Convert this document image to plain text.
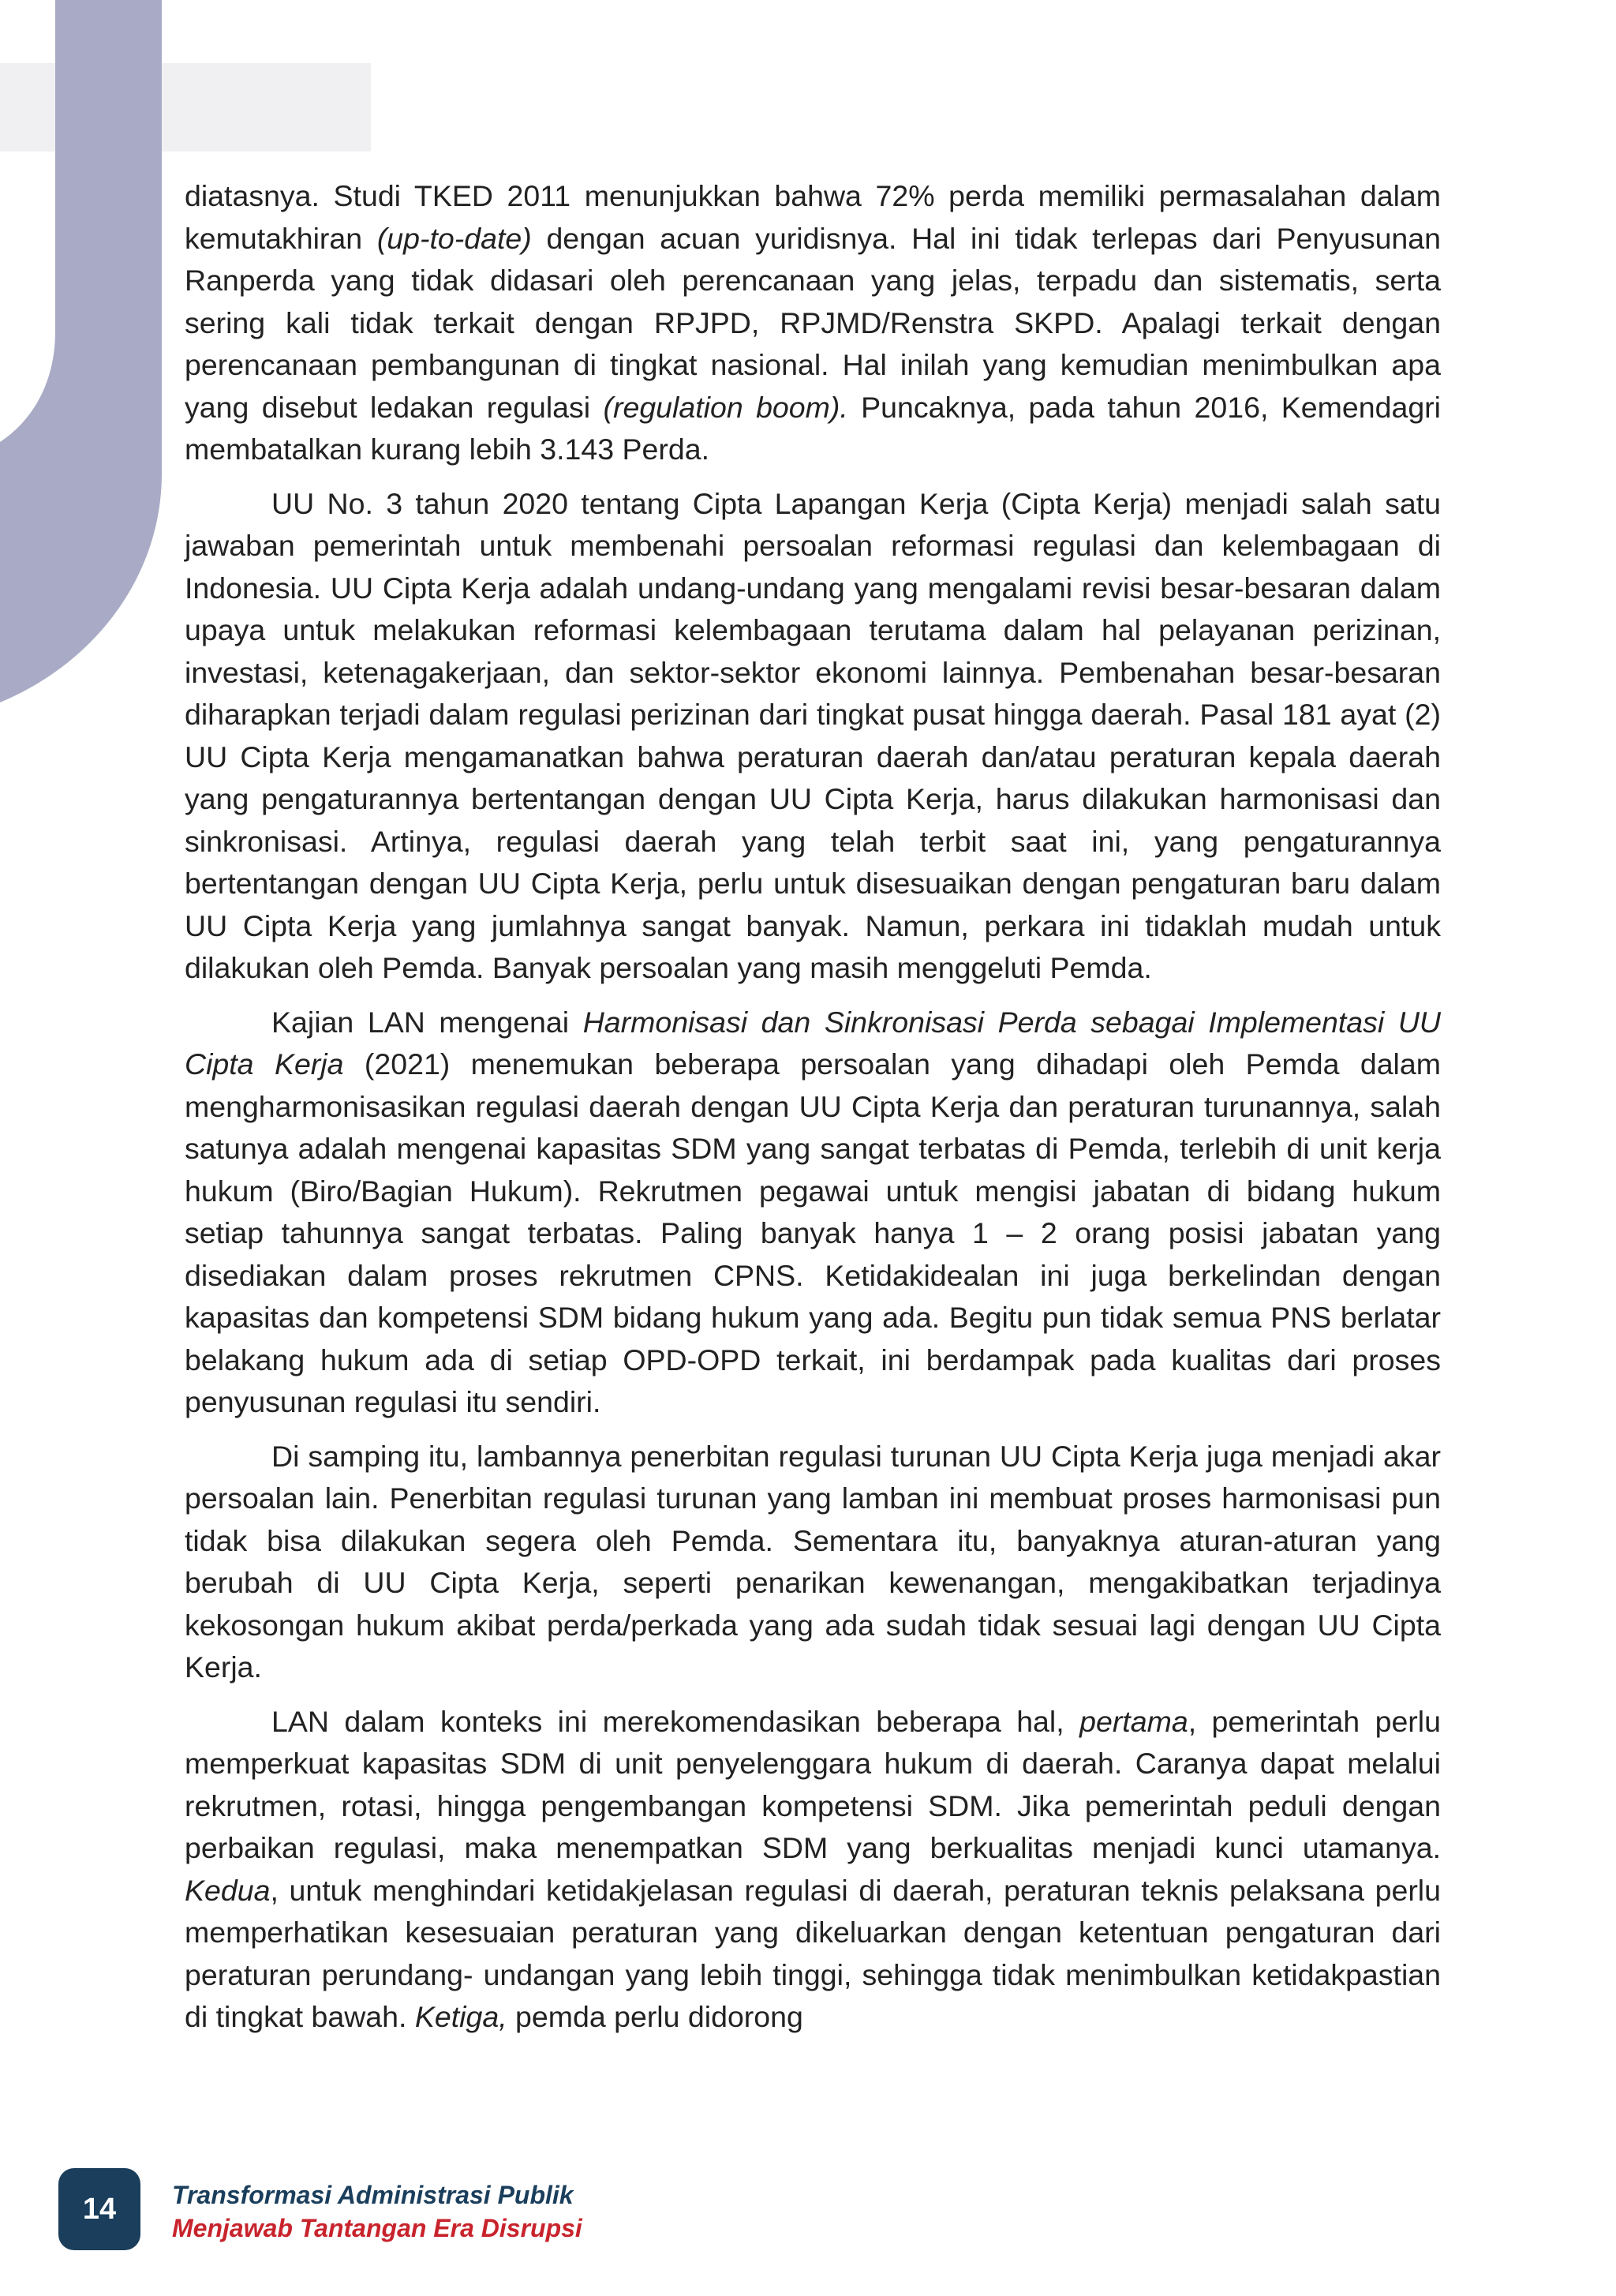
diatasnya. Studi TKED 2011 menunjukkan bahwa 72% perda memiliki permasalahan dalam kemutakhiran (up-to-date) dengan acuan yuridisnya. Hal ini tidak terlepas dari Penyusunan Ranperda yang tidak didasari oleh perencanaan yang jelas, terpadu dan sistematis, serta sering kali tidak terkait dengan RPJPD, RPJMD/Renstra SKPD. Apalagi terkait dengan perencanaan pembangunan di tingkat nasional. Hal inilah yang kemudian menimbulkan apa yang disebut ledakan regulasi (regulation boom). Puncaknya, pada tahun 2016, Kemendagri membatalkan kurang lebih 3.143 Perda.

UU No. 3 tahun 2020 tentang Cipta Lapangan Kerja (Cipta Kerja) menjadi salah satu jawaban pemerintah untuk membenahi persoalan reformasi regulasi dan kelembagaan di Indonesia. UU Cipta Kerja adalah undang-undang yang mengalami revisi besar-besaran dalam upaya untuk melakukan reformasi kelembagaan terutama dalam hal pelayanan perizinan, investasi, ketenagakerjaan, dan sektor-sektor ekonomi lainnya. Pembenahan besar-besaran diharapkan terjadi dalam regulasi perizinan dari tingkat pusat hingga daerah. Pasal 181 ayat (2) UU Cipta Kerja mengamanatkan bahwa peraturan daerah dan/atau peraturan kepala daerah yang pengaturannya bertentangan dengan UU Cipta Kerja, harus dilakukan harmonisasi dan sinkronisasi. Artinya, regulasi daerah yang telah terbit saat ini, yang pengaturannya bertentangan dengan UU Cipta Kerja, perlu untuk disesuaikan dengan pengaturan baru dalam UU Cipta Kerja yang jumlahnya sangat banyak. Namun, perkara ini tidaklah mudah untuk dilakukan oleh Pemda. Banyak persoalan yang masih menggeluti Pemda.

Kajian LAN mengenai Harmonisasi dan Sinkronisasi Perda sebagai Implementasi UU Cipta Kerja (2021) menemukan beberapa persoalan yang dihadapi oleh Pemda dalam mengharmonisasikan regulasi daerah dengan UU Cipta Kerja dan peraturan turunannya, salah satunya adalah mengenai kapasitas SDM yang sangat terbatas di Pemda, terlebih di unit kerja hukum (Biro/Bagian Hukum). Rekrutmen pegawai untuk mengisi jabatan di bidang hukum setiap tahunnya sangat terbatas. Paling banyak hanya 1 – 2 orang posisi jabatan yang disediakan dalam proses rekrutmen CPNS. Ketidakidealan ini juga berkelindan dengan kapasitas dan kompetensi SDM bidang hukum yang ada. Begitu pun tidak semua PNS berlatar belakang hukum ada di setiap OPD-OPD terkait, ini berdampak pada kualitas dari proses penyusunan regulasi itu sendiri.

Di samping itu, lambannya penerbitan regulasi turunan UU Cipta Kerja juga menjadi akar persoalan lain. Penerbitan regulasi turunan yang lamban ini membuat proses harmonisasi pun tidak bisa dilakukan segera oleh Pemda. Sementara itu, banyaknya aturan-aturan yang berubah di UU Cipta Kerja, seperti penarikan kewenangan, mengakibatkan terjadinya kekosongan hukum akibat perda/perkada yang ada sudah tidak sesuai lagi dengan UU Cipta Kerja.

LAN dalam konteks ini merekomendasikan beberapa hal, pertama, pemerintah perlu memperkuat kapasitas SDM di unit penyelenggara hukum di daerah. Caranya dapat melalui rekrutmen, rotasi, hingga pengembangan kompetensi SDM. Jika pemerintah peduli dengan perbaikan regulasi, maka menempatkan SDM yang berkualitas menjadi kunci utamanya. Kedua, untuk menghindari ketidakjelasan regulasi di daerah, peraturan teknis pelaksana perlu memperhatikan kesesuaian peraturan yang dikeluarkan dengan ketentuan pengaturan dari peraturan perundang- undangan yang lebih tinggi, sehingga tidak menimbulkan ketidakpastian di tingkat bawah. Ketiga, pemda perlu didorong

14 Transformasi Administrasi Publik
Menjawab Tantangan Era Disrupsi
